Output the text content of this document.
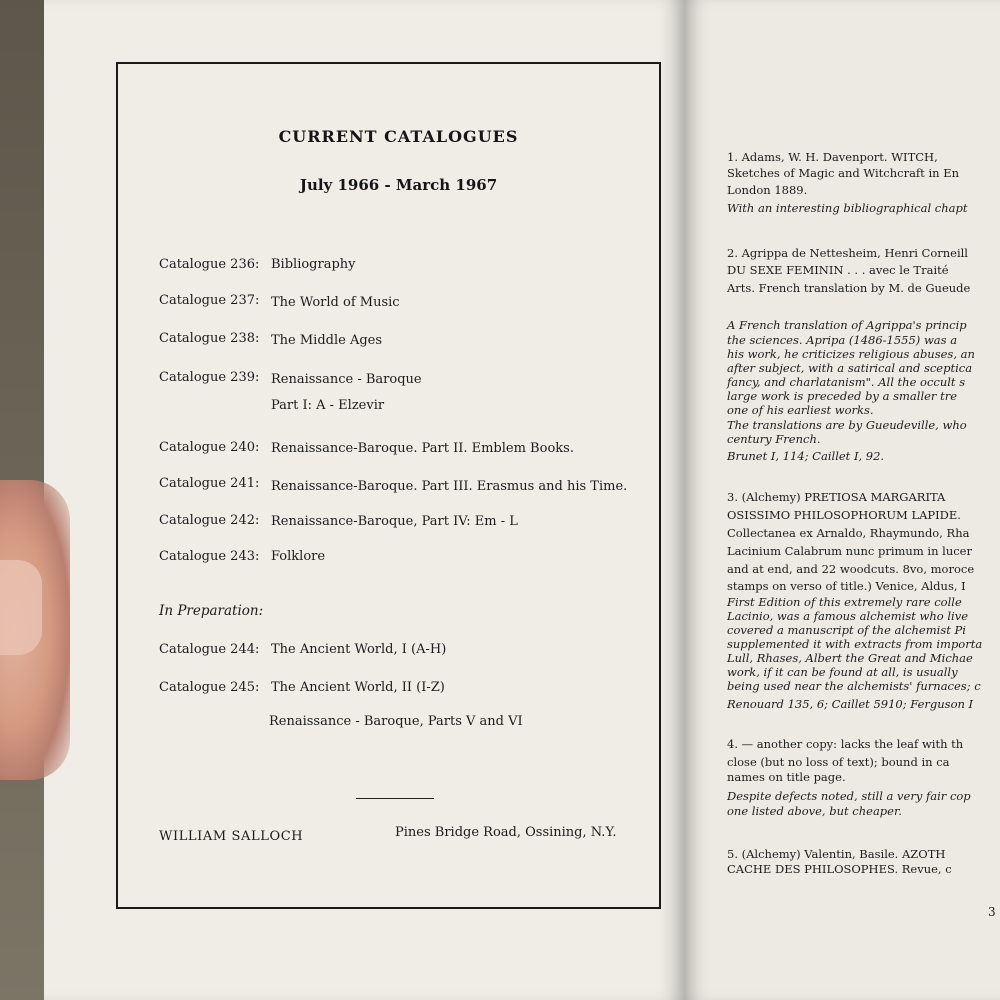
CURRENT CATALOGUES
July 1966 - March 1967
Catalogue 236: Bibliography
Catalogue 237: The World of Music
Catalogue 238: The Middle Ages
Catalogue 239: Renaissance - Baroque
Part I: A - Elzevir
Catalogue 240: Renaissance-Baroque. Part II. Emblem Books.
Catalogue 241: Renaissance-Baroque. Part III. Erasmus and his Time.
Catalogue 242: Renaissance-Baroque, Part IV: Em - L
Catalogue 243: Folklore
In Preparation:
Catalogue 244: The Ancient World, I (A-H)
Catalogue 245: The Ancient World, II (I-Z)
Renaissance - Baroque, Parts V and VI
WILLIAM SALLOCH	Pines Bridge Road, Ossining, N.Y.
1. Adams, W. H. Davenport. WITCH,
Sketches of Magic and Witchcraft in En
London 1889.
With an interesting bibliographical chapt
2. Agrippa de Nettesheim, Henri Corneill
DU SEXE FEMININ . . . avec le Traité
Arts. French translation by M. de Gueude
A French translation of Agrippa's princip
the sciences. Apripa (1486-1555) was a
his work, he criticizes religious abuses, an
after subject, with a satirical and sceptica
fancy, and charlatanism". All the occult s
large work is preceded by a smaller tre
one of his earliest works.
The translations are by Gueudeville, who
century French.
Brunet I, 114; Caillet I, 92.
3. (Alchemy) PRETIOSA MARGARITA
OSISSIMO PHILOSOPHORUM LAPIDE.
Collectanea ex Arnaldo, Rhaymundo, Rha
Lacinium Calabrum nunc primum in lucer
and at end, and 22 woodcuts. 8vo, moroce
stamps on verso of title.) Venice, Aldus, I
First Edition of this extremely rare colle
Lacinio, was a famous alchemist who live
covered a manuscript of the alchemist Pi
supplemented it with extracts from importa
Lull, Rhases, Albert the Great and Michae
work, if it can be found at all, is usually
being used near the alchemists' furnaces; c
Renouard 135, 6; Caillet 5910; Ferguson I
4. — another copy: lacks the leaf with th
close (but no loss of text); bound in ca
names on title page.
Despite defects noted, still a very fair cop
one listed above, but cheaper.
5. (Alchemy) Valentin, Basile. AZOTH
CACHE DES PHILOSOPHES. Revue, c
3
